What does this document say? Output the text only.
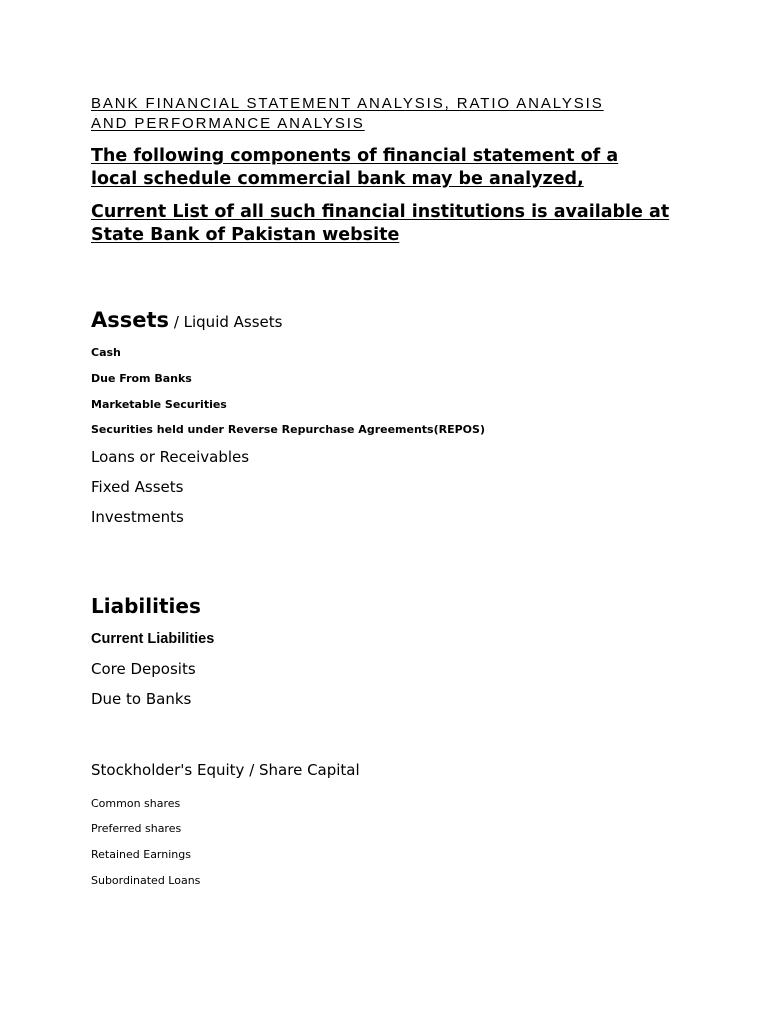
BANK FINANCIAL STATEMENT ANALYSIS, RATIO ANALYSIS
AND PERFORMANCE ANALYSIS

The following components of financial statement of a
local schedule commercial bank may be analyzed,

Current List of all such financial institutions is available at
State Bank of Pakistan website

Assets / Liquid Assets

Cash

Due From Banks

Marketable Securities

Securities held under Reverse Repurchase Agreements(REPOS)

Loans or Receivables

Fixed Assets

Investments

Liabilities

Current Liabilities

Core Deposits

Due to Banks

Stockholder's Equity / Share Capital

Common shares

Preferred shares

Retained Earnings

Subordinated Loans
